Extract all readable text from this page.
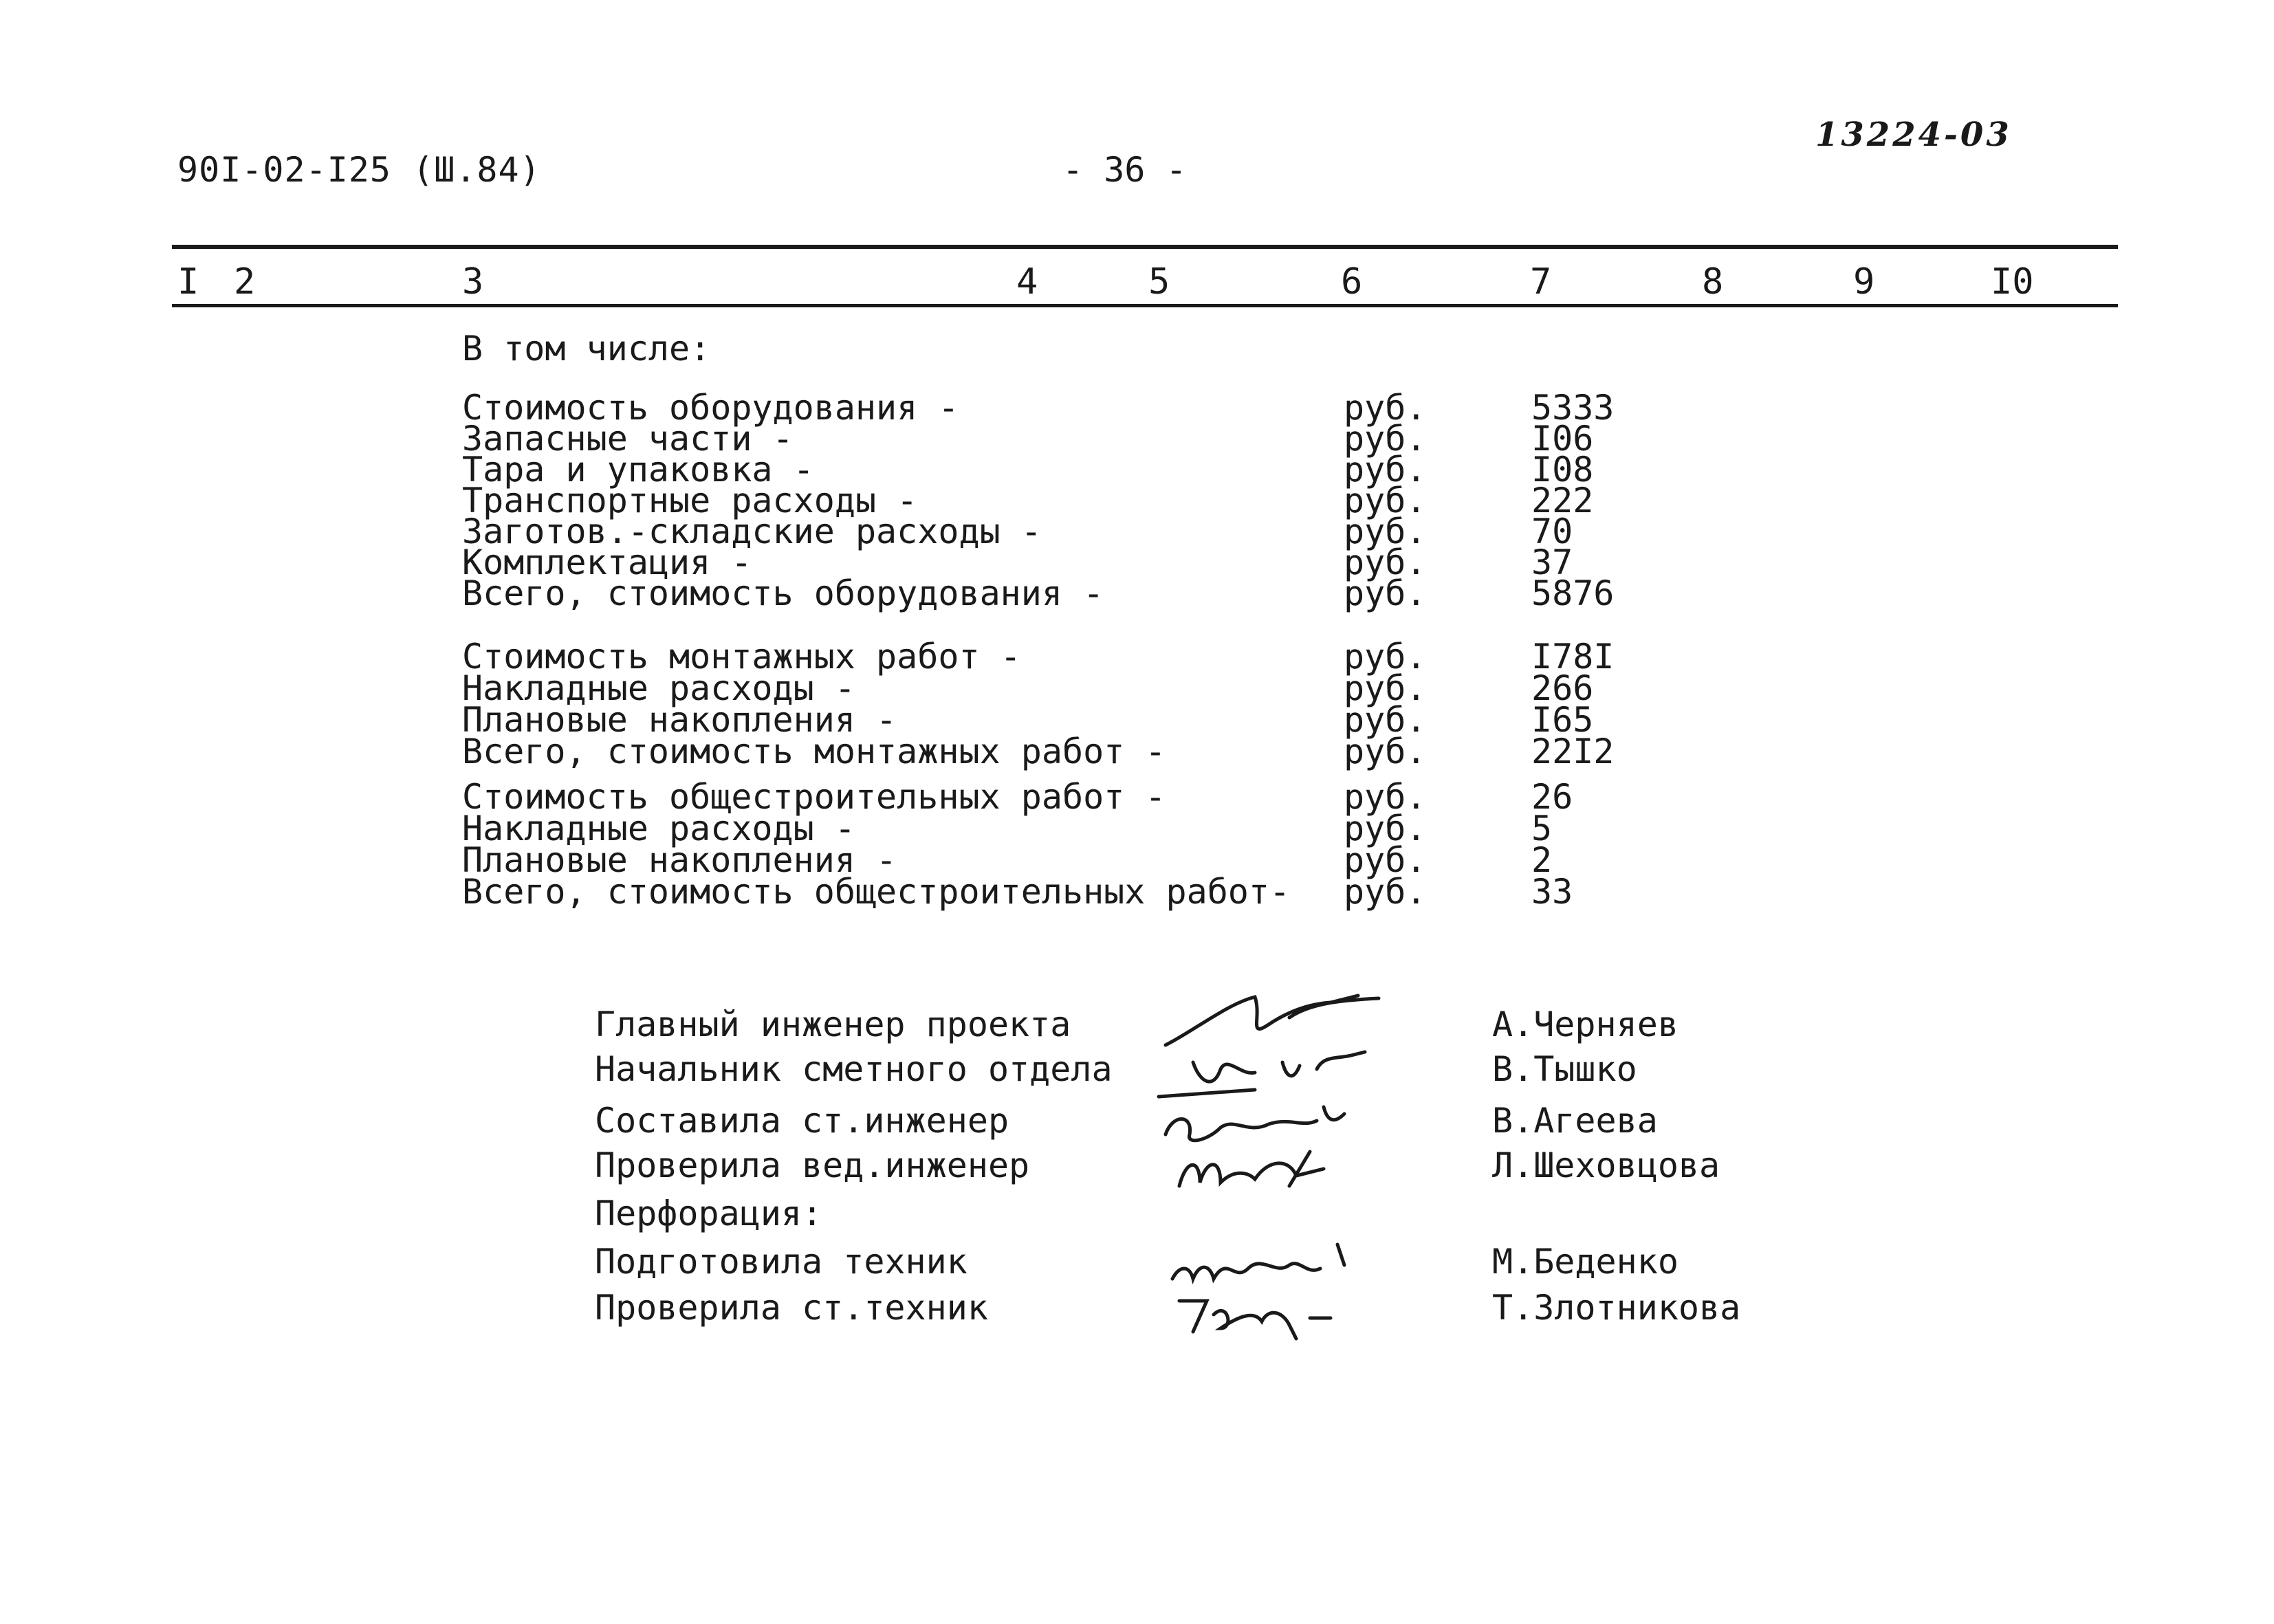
90I-02-I25 (Ш.84)	- 36 -
13224-03
I 2	3	4	5	6	7	8	9	I0
В том числе:
Стоимость оборудования -	руб.	5333
Запасные части -	руб.	I06
Тара и упаковка -	руб.	I08
Транспортные расходы -	руб.	222
Заготов.-складские расходы -	руб.	70
Комплектация -	руб.	37
Всего, стоимость оборудования -	руб.	5876
Стоимость монтажных работ -	руб.	I78I
Накладные расходы -	руб.	266
Плановые накопления -	руб.	I65
Всего, стоимость монтажных работ -	руб.	22I2
Стоимость общестроительных работ -	руб.	26
Накладные расходы -	руб.	5
Плановые накопления -	руб.	2
Всего, стоимость общестроительных работ- руб.	33
Главный инженер проекта	А.Черняев
Начальник сметного отдела	В.Тышко
Составила ст.инженер	В.Агеева
Проверила вед.инженер	Л.Шеховцова
Перфорация:
Подготовила техник	М.Беденко
Проверила ст.техник	Т.Злотникова
